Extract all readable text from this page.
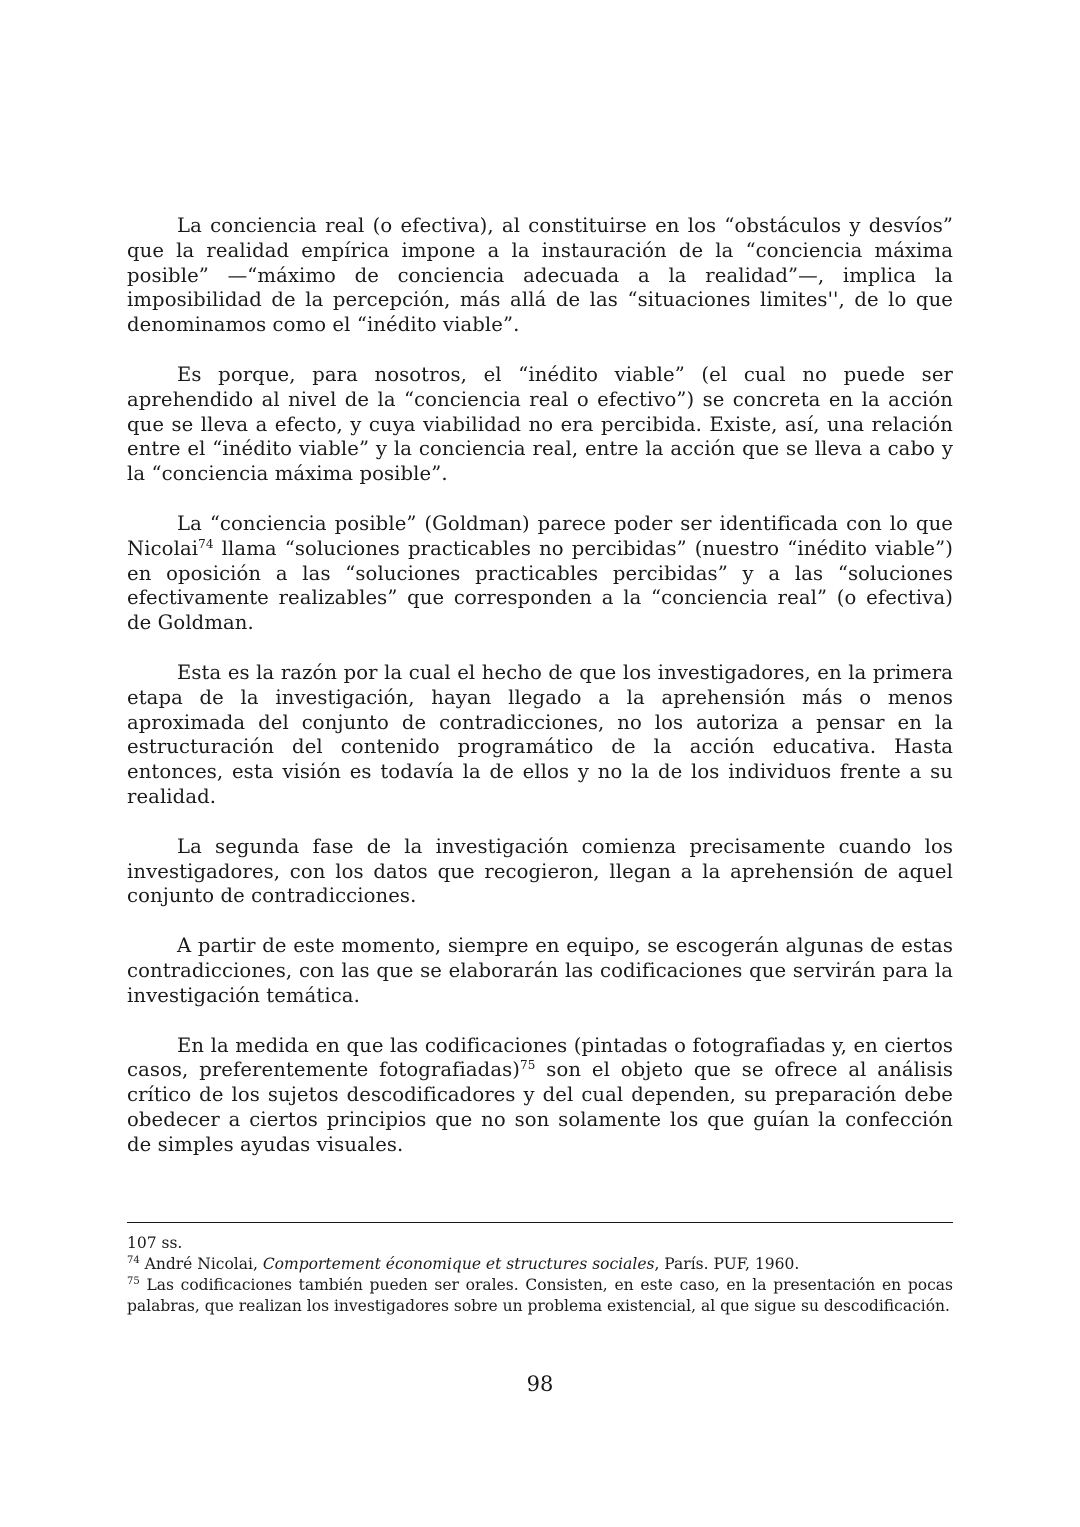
La conciencia real (o efectiva), al constituirse en los “obstáculos y desvíos” que la realidad empírica impone a la instauración de la “conciencia máxima posible” —“máximo de conciencia adecuada a la realidad”—, implica la imposibilidad de la percepción, más allá de las “situaciones limites'', de lo que denominamos como el “inédito viable”.

Es porque, para nosotros, el “inédito viable” (el cual no puede ser aprehendido al nivel de la “conciencia real o efectivo”) se concreta en la acción que se lleva a efecto, y cuya viabilidad no era percibida. Existe, así, una relación entre el “inédito viable” y la conciencia real, entre la acción que se lleva a cabo y la “conciencia máxima posible”.

La “conciencia posible” (Goldman) parece poder ser identificada con lo que Nicolai$^{74}$ llama “soluciones practicables no percibidas” (nuestro “inédito viable”) en oposición a las “soluciones practicables percibidas” y a las “soluciones efectivamente realizables” que corresponden a la “conciencia real” (o efectiva) de Goldman.

Esta es la razón por la cual el hecho de que los investigadores, en la primera etapa de la investigación, hayan llegado a la aprehensión más o menos aproximada del conjunto de contradicciones, no los autoriza a pensar en la estructuración del contenido programático de la acción educativa. Hasta entonces, esta visión es todavía la de ellos y no la de los individuos frente a su realidad.

La segunda fase de la investigación comienza precisamente cuando los investigadores, con los datos que recogieron, llegan a la aprehensión de aquel conjunto de contradicciones.

A partir de este momento, siempre en equipo, se escogerán algunas de estas contradicciones, con las que se elaborarán las codificaciones que servirán para la investigación temática.

En la medida en que las codificaciones (pintadas o fotografiadas y, en ciertos casos, preferentemente fotografiadas)$^{75}$ son el objeto que se ofrece al análisis crítico de los sujetos descodificadores y del cual dependen, su preparación debe obedecer a ciertos principios que no son solamente los que guían la confección de simples ayudas visuales.

107 ss.

$^{74}$ André Nicolai, Comportement économique et structures sociales, París. PUF, 1960.

$^{75}$ Las codificaciones también pueden ser orales. Consisten, en este caso, en la presentación en pocas palabras, que realizan los investigadores sobre un problema existencial, al que sigue su descodificación.

98
